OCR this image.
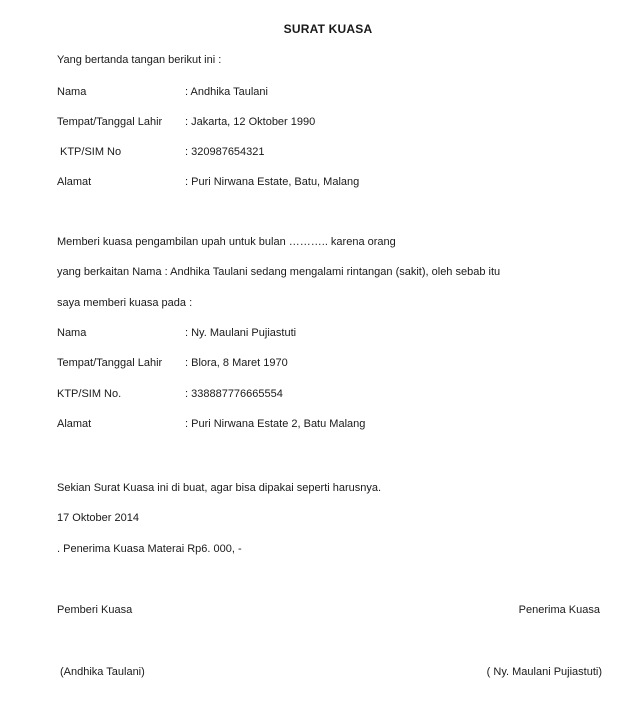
SURAT KUASA
Yang bertanda tangan berikut ini :
Nama	: Andhika Taulani
Tempat/Tanggal Lahir : Jakarta, 12 Oktober 1990
KTP/SIM No	: 320987654321
Alamat	: Puri Nirwana Estate, Batu, Malang
Memberi kuasa pengambilan upah untuk bulan ……….. karena orang
yang berkaitan Nama : Andhika Taulani sedang mengalami rintangan (sakit), oleh sebab itu
saya memberi kuasa pada :
Nama	: Ny. Maulani Pujiastuti
Tempat/Tanggal Lahir : Blora, 8 Maret 1970
KTP/SIM No.	: 338887776665554
Alamat	: Puri Nirwana Estate 2, Batu Malang
Sekian Surat Kuasa ini di buat, agar bisa dipakai seperti harusnya.
17 Oktober 2014
. Penerima Kuasa Materai Rp6. 000, -
Pemberi Kuasa	Penerima Kuasa
(Andhika Taulani)	( Ny. Maulani Pujiastuti)
